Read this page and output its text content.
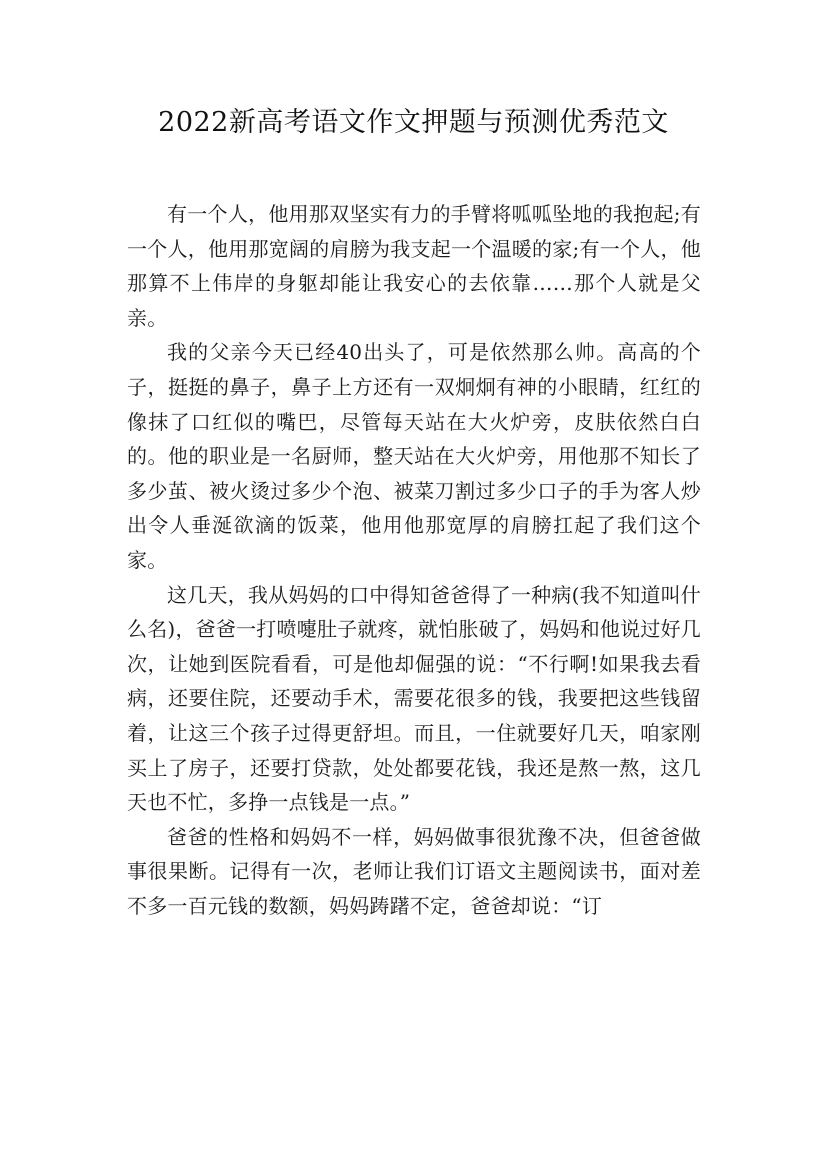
2022新高考语文作文押题与预测优秀范文

有一个人，他用那双坚实有力的手臂将呱呱坠地的我抱起;有一个人，他用那宽阔的肩膀为我支起一个温暖的家;有一个人，他那算不上伟岸的身躯却能让我安心的去依靠……那个人就是父亲。

我的父亲今天已经40出头了，可是依然那么帅。高高的个子，挺挺的鼻子，鼻子上方还有一双炯炯有神的小眼睛，红红的像抹了口红似的嘴巴，尽管每天站在大火炉旁，皮肤依然白白的。他的职业是一名厨师，整天站在大火炉旁，用他那不知长了多少茧、被火烫过多少个泡、被菜刀割过多少口子的手为客人炒出令人垂涎欲滴的饭菜，他用他那宽厚的肩膀扛起了我们这个家。

这几天，我从妈妈的口中得知爸爸得了一种病(我不知道叫什么名)，爸爸一打喷嚏肚子就疼，就怕胀破了，妈妈和他说过好几次，让她到医院看看，可是他却倔强的说：“不行啊!如果我去看病，还要住院，还要动手术，需要花很多的钱，我要把这些钱留着，让这三个孩子过得更舒坦。而且，一住就要好几天，咱家刚买上了房子，还要打贷款，处处都要花钱，我还是熬一熬，这几天也不忙，多挣一点钱是一点。”

爸爸的性格和妈妈不一样，妈妈做事很犹豫不决，但爸爸做事很果断。记得有一次，老师让我们订语文主题阅读书，面对差不多一百元钱的数额，妈妈踌躇不定，爸爸却说：“订
